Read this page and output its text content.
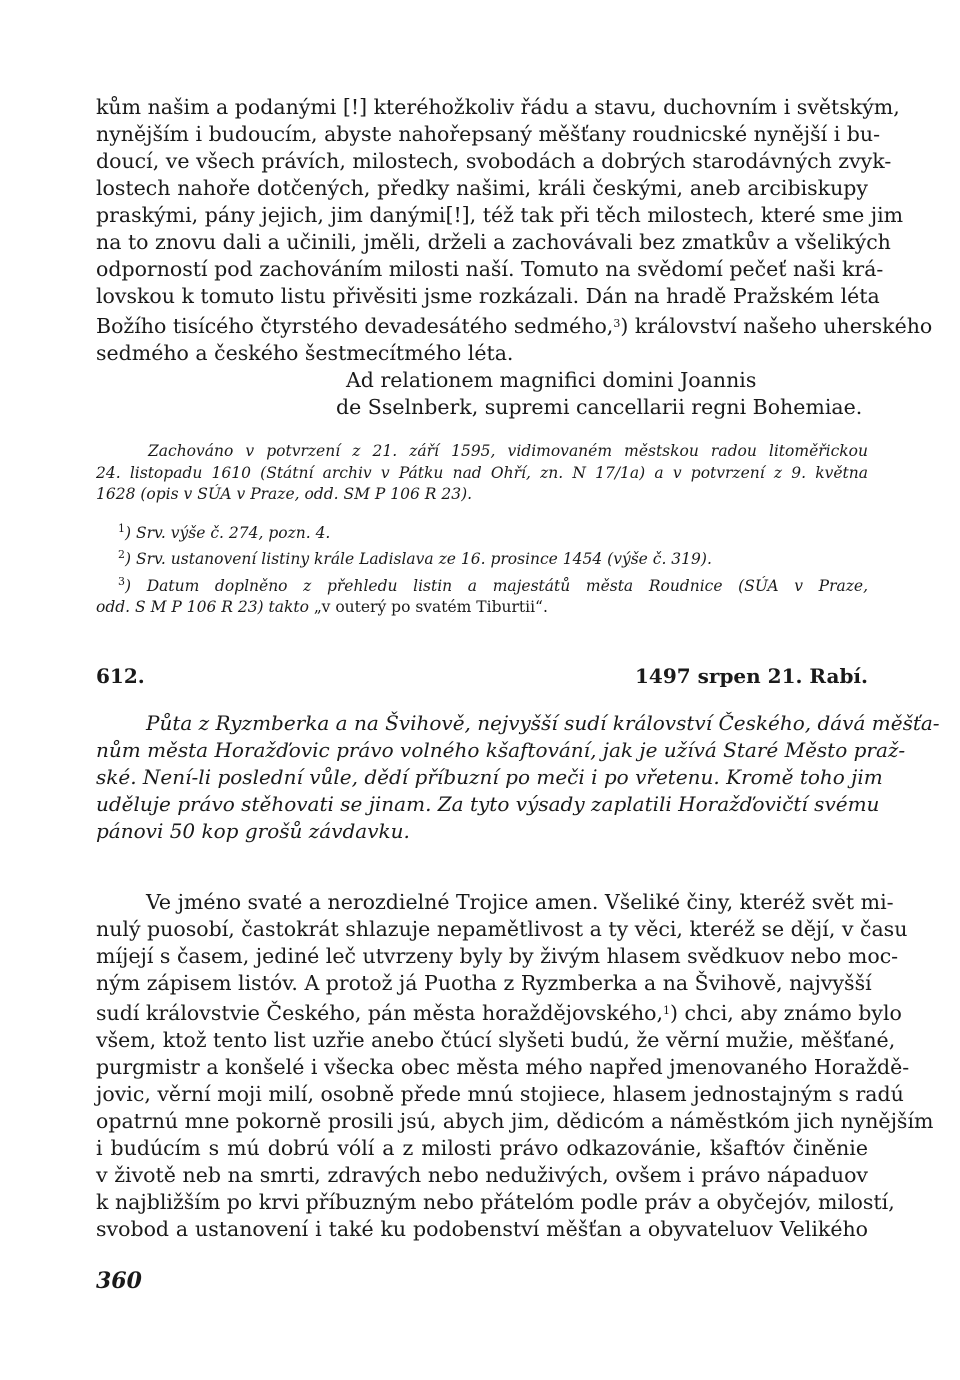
kům našim a podanými [!] kteréhožkoliv řádu a stavu, duchovním i světským,
nynějším i budoucím, abyste nahořepsaný měšťany roudnicské nynější i bu-
doucí, ve všech právích, milostech, svobodách a dobrých starodávných zvyk-
lostech nahoře dotčených, předky našimi, králi českými, aneb arcibiskupy
praskými, pány jejich, jim danými[!], též tak při těch milostech, které sme jim
na to znovu dali a učinili, jměli, drželi a zachovávali bez zmatkův a všelikých
odporností pod zachováním milosti naší. Tomuto na svědomí pečeť naši krá-
lovskou k tomuto listu přivěsiti jsme rozkázali. Dán na hradě Pražském léta
Božího tisícého čtyrstého devadesátého sedmého,$^3$) království našeho uherského
sedmého a českého šestmecítmého léta.
Ad relationem magnifici domini Joannis
de Sselnberk, supremi cancellarii regni Bohemiae.
Zachováno v potvrzení z 21. září 1595, vidimovaném městskou radou litoměřickou
24. listopadu 1610 (Státní archiv v Pátku nad Ohří, zn. N 17/1a) a v potvrzení z 9. května
1628 (opis v SÚA v Praze, odd. SM P 106 R 23).
$^1$) Srv. výše č. 274, pozn. 4.
$^2$) Srv. ustanovení listiny krále Ladislava ze 16. prosince 1454 (výše č. 319).
$^3$) Datum doplněno z přehledu listin a majestátů města Roudnice (SÚA v Praze,
odd. S M P 106 R 23) takto „v outerý po svatém Tiburtii“.
612.	1497 srpen 21. Rabí.
Půta z Ryzmberka a na Švihově, nejvyšší sudí království Českého, dává měšťa-
nům města Horažďovic právo volného kšaftování, jak je užívá Staré Město praž-
ské. Není-li poslední vůle, dědí příbuzní po meči i po vřetenu. Kromě toho jim
uděluje právo stěhovati se jinam. Za tyto výsady zaplatili Horažďovičtí svému
pánovi 50 kop grošů závdavku.
Ve jméno svaté a nerozdielné Trojice amen. Všeliké činy, kteréž svět mi-
nulý puosobí, častokrát shlazuje nepamětlivost a ty věci, kteréž se dějí, v času
míjejí s časem, jediné leč utvrzeny byly by živým hlasem svědkuov nebo moc-
ným zápisem listóv. A protož já Puotha z Ryzmberka a na Švihově, najvyšší
sudí královstvie Českého, pán města horaždějovského,$^1$) chci, aby známo bylo
všem, ktož tento list uzřie anebo čtúcí slyšeti budú, že věrní mužie, měšťané,
purgmistr a konšelé i všecka obec města mého napřed jmenovaného Horaždě-
jovic, věrní moji milí, osobně přede mnú stojiece, hlasem jednostajným s radú
opatrnú mne pokorně prosili jsú, abych jim, dědicóm a náměstkóm jich nynějším
i budúcím s mú dobrú vólí a z milosti právo odkazovánie, kšaftóv činěnie
v životě neb na smrti, zdravých nebo neduživých, ovšem i právo nápaduov
k najbližším po krvi příbuzným nebo přátelóm podle práv a obyčejóv, milostí,
svobod a ustanovení i také ku podobenství měšťan a obyvateluov Velikého
360
